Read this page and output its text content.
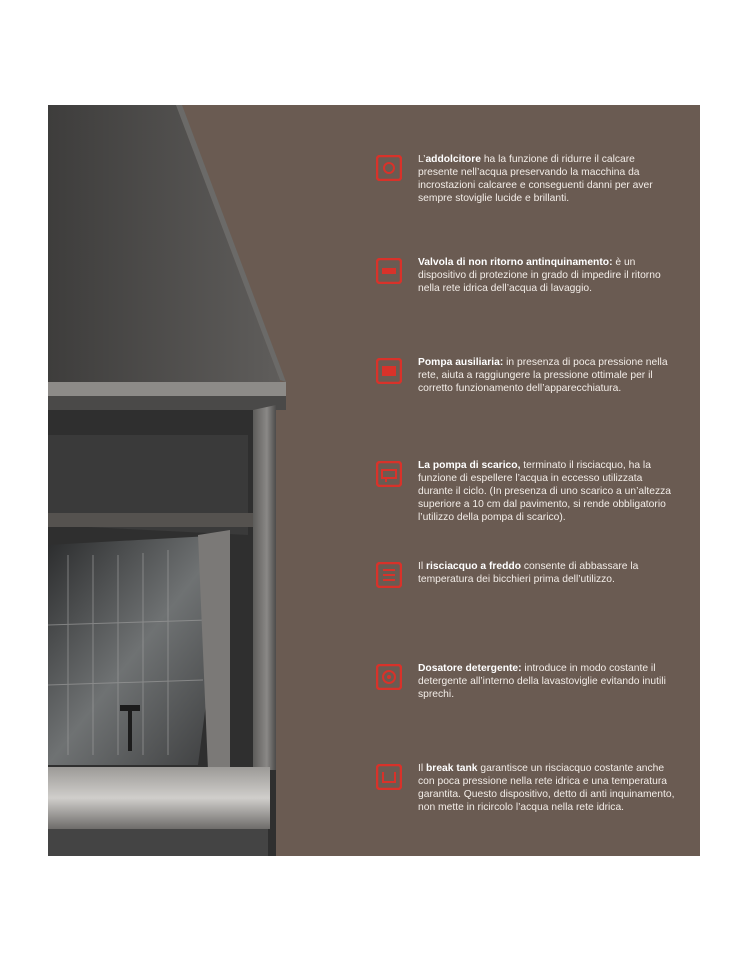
L’addolcitore ha la funzione di ridurre il calcare presente nell’acqua preservando la macchina da incrostazioni calcaree e conseguenti danni per aver sempre stoviglie lucide e brillanti.
Valvola di non ritorno antinquinamento: è un dispositivo di protezione in grado di impedire il ritorno nella rete idrica dell’acqua di lavaggio.
Pompa ausiliaria: in presenza di poca pressione nella rete, aiuta a raggiungere la pressione ottimale per il corretto funzionamento dell’apparecchiatura.
La pompa di scarico, terminato il risciacquo, ha la funzione di espellere l’acqua in eccesso utilizzata durante il ciclo. (In presenza di uno scarico a un’altezza superiore a 10 cm dal pavimento, si rende obbligatorio l’utilizzo della pompa di scarico).
Il risciacquo a freddo consente di abbassare la temperatura dei bicchieri prima dell’utilizzo.
Dosatore detergente: introduce in modo costante il detergente all’interno della lavastoviglie evitando inutili sprechi.
Il break tank garantisce un risciacquo costante anche con poca pressione nella rete idrica e una temperatura garantita. Questo dispositivo, detto di anti inquinamento, non mette in ricircolo l’acqua nella rete idrica.
